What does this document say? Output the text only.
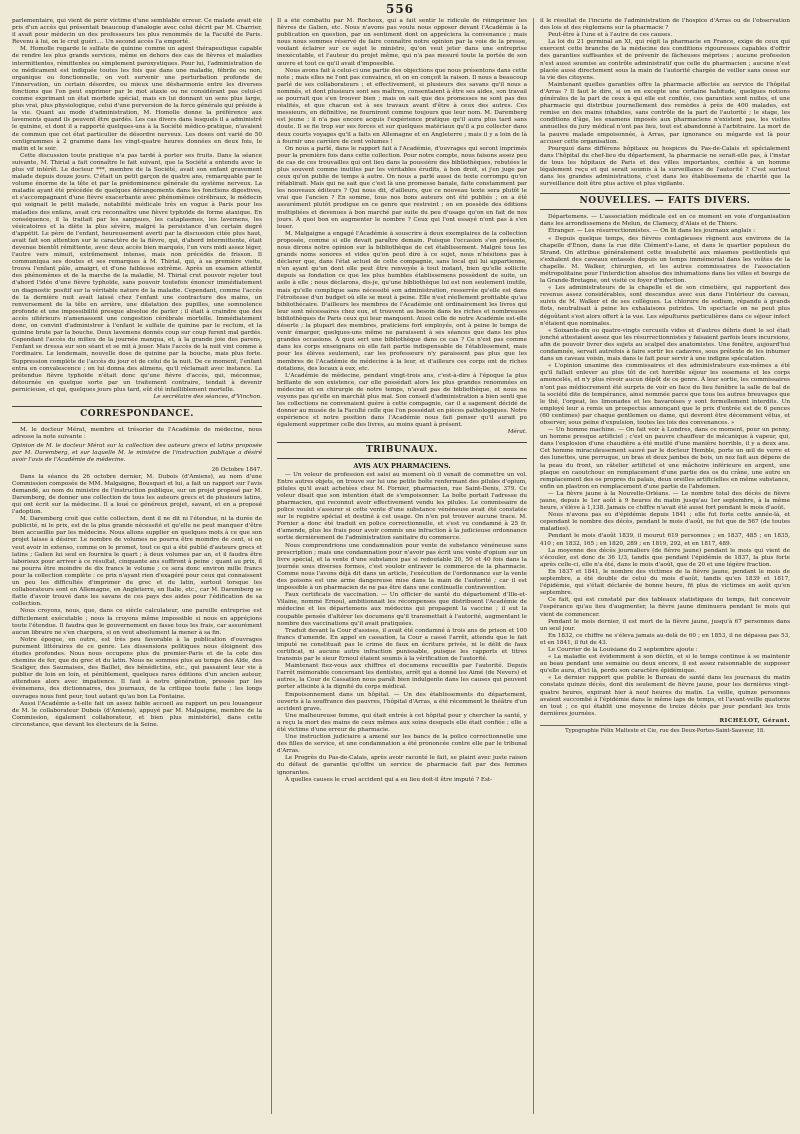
556

parlementaire, qui vient de périr victime d'une semblable erreur. Ce malade avait été pris d'un accès qui présentait beaucoup d'analogie avec celui décrit par M. Charrier, il avait pour médecin un des professeurs les plus renommés de la Faculté de Paris. Revenu à lui, on le crut guéri.... Un second accès l'a emporté.

M. Homolle regarde le sulfate de quinine comme un agent thérapeutique capable de rendre les plus grands services, même en dehors des cas de fièvres et maladies intermittentes, rémittentes ou simplement paroxystiques. Pour lui, l'administration de ce médicament est indiquée toutes les fois que dans une maladie, fébrile ou non, organique ou fonctionnelle, on voit survenir une perturbation profonde de l'innervation, un certain désordre, ou mieux une désharmonie entre les diverses fonctions que l'on peut exprimer par le mot ataxie ou ne considérant pas celui-ci comme exprimant un état morbide spécial, mais en lui donnant un sens plus large, plus vrai, plus physiologique, celui d'une perversion de la force générale qui préside à la vie. Quant au mode d'administration, M. Homolle donne la préférence aux lavements quand ils peuvent être gardés. Les cas divers dans lesquels il a administré le quinine, et dont il a rapporté quelques-uns à la Société médico-pratique, n'avaient de commun que cet état particulier de désordre nerveux. Les doses ont varié de 50 centigrammes à 2 gramme dans les vingt-quatre heures données en deux fois, le matin et le soir.

Cette discussion toute pratique n'a pas tardé à porter ses fruits. Dans la séance suivante, M. Thirial a fait connaître le fait suivant, que la Société a entendu avec le plus vif intérêt. Le docteur ***, membre de la Société, avait son enfant gravement malade depuis douze jours. C'était un petit garçon de quatre ans, remarquable par le volume énorme de la tête et par la prédominence générale du système nerveux. La maladie ayant été précédée de quelques dérangements dans les fonctions digestives, et s'accompagnant d'une fièvre exacerbante avec phénomènes cérébraux, le médecin qui soignait le petit malade, notabilité médicale très en vogue à Paris pour les maladies des enfans, avait cru reconnaître une fièvre typhoïde de forme ataxique. En conséquence, il la traitait par les sangsues, les cataplasmes, les lavemens, les vésicatoires et la diète la plus sévère, malgré la persistance d'un certain degré d'appétit. Le père de l'enfant, heureusement averti par la discussion citée plus haut, avait fait son attention sur le caractère de la fièvre, qui, d'abord intermittente, était devenue bientôt rémittente, avec deux accès bien marqués, l'un vers midi assez léger, l'autre vers minuit, extrêmement intense, mais non précédés de frisson. Il communiqua ses doutes et ses remarques à M. Thirial, qui, à sa première visite, trouva l'enfant pâle, amaigri, et d'une faiblesse extrême. Après un examen attentif des phénomènes et de la marche de la maladie, M. Thirial crut pouvoir rejeter tout d'abord l'idée d'une fièvre typhoïde, sans pouvoir toutefois énoncer immédiatement un diagnostic positif sur la véritable nature de la maladie. Cependant, comme l'accès de la dernière nuit avait laissé chez l'enfant une contracture des mains, un renversement de la tête en arrière, une dilatation des pupilles, une somnolence profonde et une impossibilité presque absolue de parler ; il était à craindre que des accès ultérieurs n'amenassent une congestion cérébrale mortelle. Immédiatement donc, on convint d'administrer à l'enfant le sulfate de quinine par le rectum, et la quinine brute par la bouche. Deux lavemens donnés coup sur coup furent mal gardés. Cependant l'accès du milieu de la journée manqua, et, à la grande joie des parens, l'enfant se dressa sur son séant et se mit à jouer. Mais l'accès de la nuit vint comme à l'ordinaire. Le lendemain, nouvelle dose de quinine par la bouche, mais plus forte. Suppression complète de l'accès du jour et de celui de la nuit. De ce moment, l'enfant entra en convalescence ; on lui donna des alimens, qu'il réclamait avec instance. La prétendue fièvre typhoïde n'était donc qu'une fièvre d'accès, qui, méconnue, détournée en quelque sorte par un traitement contraire, tendait à devenir pernicieuse, et qui, quelques jours plus tard, eût été infailliblement mortelle.

Le secrétaire des séances, d'Vinchon.

CORRESPONDANCE.

M. le docteur Mérat, membre et trésorier de l'Académie de médecine, nous adresse la note suivante :

Opinion de M. le docteur Mérat sur la collection des auteurs grecs et latins proposée par M. Daremberg, et sur laquelle M. le ministre de l'instruction publique a désiré avoir l'avis de l'Académie de médecine.

26 Octobre 1847.

Dans la séance du 26 octobre dernier, M. Dubois (d'Amiens), au nom d'une Commission composée de MM. Malgaigne, Bousquet et lui, a fait un rapport sur l'avis demandé, au nom du ministre de l'instruction publique, sur un projet proposé par M. Daremberg, de donner une collection de tous les auteurs grecs et de plusieurs latins, qui ont écrit sur la médecine. Il a loué ce généreux projet, savant, et en a proposé l'adoption.

M. Daremberg croit que cette collection, dont il ne dit ni l'étendue, ni la durée de publicité, ni le prix, est de la plus grande nécessité et qu'elle ne peut manquer d'être bien accueillie par les médecins. Nous allons supplier en quelques mots à ce que son projet laisse à désirer. Le nombre de volumes ne pourra être moindre de cent, si on veut avoir in extenso, comme on le promet, tout ce qui a été publié d'auteurs grecs et latins ; Galien lui seul en fournira le quart ; à deux volumes par an, et il faudra être laborieux pour arriver à ce résultat, cinquante ans suffiront à peine ; quant au prix, il ne pourra être moindre de dix francs le volume ; ce sera donc environ mille francs pour la collection complète : ce prix n'ayant rien d'exagéré pour ceux qui connaissent un peu les difficultés d'imprimer du grec et du latin, surtout lorsque les collaborateurs sont en Allemagne, en Angleterre, en Italie, etc., car M. Daremberg se flatte d'avoir trouvé dans les savans de ces pays des aides pour l'édification de sa collection.

Nous croyons, nous, que, dans ce siècle calculateur, une pareille entreprise est difficilement exécutable ; nous la croyons même impossible si nous en appréçions toute l'étendue. Il faudra que le gouvernement en fasse tous les frais, car assurément aucun libraire ne s'en chargera, si on veut absolument la mener à sa fin.

Notre époque, en outre, est très peu favorable à la publication d'ouvrages purement littéraires de ce genre. Les dissensions politiques nous éloignent des études profondes. Nous nous occupons plus du premier-Paris et de la cote des chemins de fer, que du grec et du latin. Nous ne sommes plus au temps des Alde, des Scaliger, des Saumaises, des Baillet, des bénédictins, etc., qui passaient leur vie à publier de loin en loin, et péniblement, quelques rares éditions d'un ancien auteur, attendues alors avec impatience. Il faut à notre génération, pressée par les évènemens, des dictionnaires, des journaux, de la critique toute faite ; les longs ouvrages nous font peur, tout autant qu'au bon La Fontaine.

Aussi l'Académie a-t-elle fait un assez faible accueil au rapport un peu louangeur de M. le collaborateur Dubois (d'Amiens), appuyé par M. Malgaigne, membre de la Commission, également collaborateur, et bien plus ministériel, dans cette circonstance, que devant les électeurs de la Seine.

Il a été combattu par M. Rochoux, qui a fait sentir le ridicule de réimprimer les fièvres de Galien, etc. Nous n'avons pas voulu nous opposer devant l'Académie à la publication en question, par un sentiment dont on appréciera la convenance ; mais nous nous sommes réservé de faire connaître notre opinion par la voie de la presse, voulant éclairer sur ce sujet le ministre, qu'on veut jeter dans une entreprise inexécutable, et l'auteur du projet même, qui n'a pas mesuré toute la portée de son œuvre et tout ce qu'il avait d'impossible.

Nous avons fait à celui-ci une partie des objections que nous présentons dans cette note ; mais elles ne l'ont pas convaincu, et on en conçoit la raison. Il nous a beaucoup parlé de ses collaborateurs ; et effectivement, si plusieurs des savans qu'il nous a nommés, et dont plusieurs sont ses maîtres, consentaient à être ses aides, son travail se pourrait que s'en trouver bien ; mais on sait que des promesses ne sont pas des réalités, et que chacun est à ses travaux avant d'être à ceux des autres. Ces messieurs, en définitive, ne fourniront comme toujours que leur nom. M. Daremberg est jeune ; il n'a pas encore acquis l'expérience pratique qu'il aura plus tard sans doute. Il se fie trop sur ses forces et sur quelques matériaux qu'il a pu collecter dans deux courts voyages qu'il a faits en Allemagne et en Angleterre ; mais il y a loin de là à fournir une carrière de cent volumes !

On nous a parlé, dans le rapport fait à l'Académie, d'ouvrages qui seront imprimés pour la première fois dans cette collection. Pour notre compte, nous faisons assez peu de cas de ces trouvailles qui ont lieu dans la poussière des bibliothèques, rebutées le plus souvent comme inutiles par les véritables érudits, à bon droit, si j'en juge par ceux qu'on publie de temps à autre. On nous a parlé aussi de texte corrompu qu'on rétablirait. Mais qui ne sait que c'est là une promesse banale, faite constamment par les nouveaux éditeurs ? Qui nous dit, d'ailleurs, que ce nouveau texte sera plutôt le vrai que l'ancien ? En somme, tous nos bons auteurs ont été publiés ; on a été assurément plutôt prodigue en ce genre que restreint ; on en possède des éditions multipliées et devenues à bon marché par suite du peu d'usage qu'on en fait de nos jours. À quoi bon en augmenter le nombre ? Ceux qui l'ont essayé n'ont pas à s'en louer.

M. Malgaigne a engagé l'Académie à souscrire à deux exemplaires de la collection proposée, comme si elle devait paraître demain. Puisque l'occasion s'en présente, nous dirons notre opinion sur la bibliothèque de cet établissement. Malgré tous les grands noms sonores et vides qu'on peut dire à ce sujet, nous n'hésitons pas à déclarer que, dans l'état actuel de cette compagnie, sans local qui lui appartienne, n'en ayant qu'un dont elle peut être renvoyée à tout instant, bien qu'elle sollicite depuis sa fondation ce que les plus humbles établissemens possèdent de suite, un asile à elle ; nous déclarons, dis-je, qu'une bibliothèque lui est non seulement inutile, mais qu'elle complique sans nécessité son administration, resserrée qu'elle est dans l'étroitesse d'un budget où elle se meut à peine. Elle n'est réellement profitable qu'au bibliothécaire. D'ailleurs les membres de l'Académie ont ordinairement les livres qui leur sont nécessaires chez eux, et trouvent au besoin dans les riches et nombreuses bibliothèques de Paris ceux qui leur manquent. Aussi celle de notre Académie est-elle déserte ; la plupart des membres, praticiens fort employés, ont à peine le temps de venir émarger, quelques-uns même ne paraissent à ses séances que dans les plus grandes occasions. À quoi sert une bibliothèque dans ce cas ? Ce n'est pas comme dans les corps enseignans où elle fait partie indispensable de l'établissement, mais pour les élèves seulement, car les professeurs n'y paraissent pas plus que les membres de l'Académie de médecine à la leur, et d'ailleurs ces corps ont de riches dotations, des locaux à eux, etc.

L'Académie de médecine, pendant vingt-trois ans, c'est-à-dire à l'époque la plus brillante de son existence, car elle possédait alors les plus grandes renommées en médecine et en chirurgie de notre temps, n'avait pas de bibliothèque, et nous ne voyons pas qu'elle en marchât plus mal. Son conseil d'administration a bien senti que les collections ne convenaient guère à cette compagnie, car il a sagement décidé de donner au musée de la Faculté celle que l'on possédait en pièces pathologiques. Notre expérience et notre position dans l'Académie nous fait penser qu'il aurait pu également supprimer celle des livres, au moins quant à présent.

Mérat.

TRIBUNAUX.
AVIS AUX PHARMACIENS.

— Un voleur de profession est saisi au moment où il venait de commettre un vol. Entre autres objets, on trouve sur lui une petite boîte renfermant des pilules d'opium, pilules qu'il avait achetées chez M. Fornier, pharmacien, rue Saint-Denis, 379. Ce voleur disait que son intention était de s'empoisonner. La boîte portait l'adresse du pharmacien, qui reconnut avoir effectivement vendu les pilules. Le commissaire de police voulut s'assurer si cette vente d'une substance vénéneuse avait été constatée sur le registre spécial et destiné à cet usage. On n'en put trouver aucune trace. M. Fornier a donc été traduit en police correctionnelle, et s'est vu condamné à 25 fr. d'amende, plus les frais pour avoir commis une infraction à la judicieuse ordonnance sortie dernièrement de l'administration sanitaire du commerce.

Nous comprendrions une condamnation pour vente de substance vénéneuse sans prescription ; mais une condamnation pour n'avoir pas écrit une vente d'opium sur un livre spécial, et la vente d'une substance pas si redoutable 20, 50 et 40 fois dans la journée sous diverses formes, c'est vouloir entraver le commerce de la pharmacie. Comme nous l'avons déjà dit dans un article, l'exécution de l'ordonnance sur la vente des poisons est une arme dangereuse mise dans la main de l'autorité ; car il est impossible à un pharmacien de ne pas être dans une continuelle contravention.

Faux certificats de vaccination. — Un officier de santé du département d'Ille-et-Vilaine, nommé Ernoul, ambitionnait les récompenses que distribuent l'Académie de médecine et les départemens aux médecins qui propagent la vaccine ; il eut la coupable pensée d'altérer les documens qu'il transmettait à l'autorité, augmentant le nombre des vaccinations qu'il avait pratiquées.

Traduit devant la Cour d'assises, il avait été condamné à trois ans de prison et 100 francs d'amende. En appel en cassation, la Cour a cassé l'arrêt, attendu que le fait imputé ne constituait pas le crime de faux en écriture privée, ni le délit de faux certificat, ni aucune autre infraction punissable, puisque les rapports et titres transmis par le sieur Ernoul étaient soumis à la vérification de l'autorité.

Maintenant fiez-vous aux chiffres et documens recueillis par l'autorité. Depuis l'arrêt mémorable concernant les dentistes, arrêt qui a donné les Aimé (de Nevers) et autres, la Cour de Cassation nous paraît bien indulgente dans les causes qui peuvent porter atteinte à la dignité du corps médical.

Empoisonnement dans un hôpital. — Un des établissements du département, ouverts à la souffrance des pauvres, l'hôpital d'Arras, a été récemment le théâtre d'un accident grave.

Une malheureuse femme, qui était entrée à cet hôpital pour y chercher la santé, y a reçu la mort des mains de ceux mêmes aux soins desquels elle était confiée ; elle a été victime d'une erreur de pharmacie.

Une instruction judiciaire a amené sur les bancs de la police correctionnelle une des filles de service, et une condamnation a été prononcée contre elle par le tribunal d'Arras.

Le Progrès du Pas-de-Calais, après avoir raconté le fait, se plaint avec juste raison du défaut de garantie qu'offre un service de pharmacie fait par des femmes ignorantes.

À quelles causes le cruel accident qui a eu lieu doit-il être imputé ? Est-

il le résultat de l'incurie de l'administration de l'hospice d'Arras ou de l'observation des lois et des règlemens sur la pharmacie ?

Peut-être à l'une et à l'autre de ces causes.

La loi du 21 germinal an XI, qui régit la pharmacie en France, exige de ceux qui exercent cette branche de la médecine des conditions rigoureuses capables d'offrir des garanties suffisantes et de prévenir de fâcheuses méprises ; aucune profession n'est aussi soumise au contrôle administratif que celle du pharmacien ; aucune n'est placée aussi directement sous la main de l'autorité chargée de veiller sans cesse sur la vie des citoyens.

Maintenant quelles garanties offre la pharmacie affectée au service de l'hôpital d'Arras ? Il faut le dire, si on en excepte une certaine habitude, quelques notions générales de la part de ceux à qui elle est confiée, ces garanties sont nulles, et une pharmacie qui distribue journellement des remèdes à près de 400 malades, est remise en des mains inhabiles, sans contrôle de la part de l'autorité ; le stage, les conditions d'âge, les examens imposés aux pharmaciens n'existent pas, les visites annuelles du jury médical n'ont pas lieu, tout est abandonné à l'arbitraire. La mort de la pauvre malade empoisonnée, à Arras, par ignorance ou mégarde est là pour accuser cette organisation.

Pourquoi dans différens hôpitaux ou hospices du Pas-de-Calais et spécialement dans l'hôpital du chef-lieu du département, la pharmacie ne serait-elle pas, à l'instar de tous les hôpitaux de Paris et des villes importantes, confiée à un homme légalement reçu et qui serait soumis à la surveillance de l'autorité ? C'est surtout dans les grandes administrations, c'est dans les établissemens de charité que la surveillance doit être plus active et plus vigilante.

NOUVELLES. — FAITS DIVERS.

Départemens. — L'association médicale est en ce moment en voie d'organisation dans les arrondissemens de Melun, de Clamecy, d'Alais et de Thiers.

Étranger. — Les résurrectionnistes. — On lit dans les journaux anglais :

« Depuis quelque temps, des fièvres contagieuses règnent aux environs de la chapelle d'Enon, dans la rue dite Clément's-Lane, et dans le quartier populeux du Strand. On attribue généralement cette insalubrité aux miasmes pestilentiels qui s'exhalent des caveaux entassés depuis un temps immémorial dans les voûtes de la chapelle. M. Walker, chirurgien, et les autres commissaires de l'association métropolitaine pour l'interdiction absolue des inhumations dans les villes et bourgs de la Grande-Bretagne, ont visité ce foyer d'infection.

« Les administrateurs de la chapelle et de son cimetière, qui rapportent des revenus assez considérables, sont descendus avec eux dans l'intérieur du caveau, suivis de M. Walker et de ses collègues. La chlorure de sodium, répandu à grands flots, neutralisait à peine les exhalaisons putrides. Un spectacle on ne peut plus dégoûtant s'est alors offert à la vue. Les sépultures particulières dans ce séjour infect n'étaient que nominales.

« Soixante-dix ou quatre-vingts cercueils vides et d'autres débris dont le sol était jonché attestaient assez que les résurrectionnistes y faisaient parfois leurs incursions, afin de pouvoir livrer des sujets au scalpel des anatomistes. Une fenêtre, aujourd'hui condamnée, servait autrefois à faire sortir les cadavres, sous prétexte de les inhumer dans un caveau voisin, mais dans le fait pour servir à une indigne spéculation.

« L'opinion unanime des commissaires et des administrateurs eux-mêmes a été qu'il fallait enlever au plus tôt de cet horrible séjour les ossemens et les corps amoncelés, et n'y plus révoir aucun dépôt de ce genre. À leur sortie, les commissaires n'ont pas médiocrement été surpris de voir en face du lieu funèbre la salle de bal de la société dite de tempérance, ainsi nommée parce que tous les autres breuvages que le thé, l'orgeat, les limonades et les bavaroises y sont formellement interdits. Un employé leur a remis un prospectus annonçant que le prix d'entrée est de 6 pences (60 centimes) par chaque gentlemen ou dame, qui devront être décemment vêtus, et observer, sous peine d'expulsion, toutes les lois des convenances. »

— Un homme machine. — On fait voir à Londres, dans ce moment, pour un penny, un homme presque artificiel ; c'est un pauvre chauffeur de mécanique à vapeur, qui, dans l'explosion d'une chaudière a été mutilé d'une manière horrible, il y a deux ans. Cet homme miraculeusement sauvé par le docteur Hemble, porte un œil de verre et des lunettes, une perruque, un bras et deux jambes de bois, un nez fait aux dépens de la peau du front, un râtelier artificiel et une mâchoire inférieure en argent, une plaque en caoutchouc en remplacement d'une partie des os du crâne, une autre en remplacement des os propres du palais, deux oreilles artificielles en même substance, enfin un plastron en remplacement d'une partie de l'abdomen.

— La fièvre jaune à la Nouvelle-Orléans. — Le nombre total des décès de fièvre jaune, depuis le 1er août à 9 heures du matin jusqu'au 1er septembre, à la même heure, s'élève à 1,138. Jamais ce chiffre n'avait été aussi fort pendant le mois d'août.

Nous n'avons pas eu d'épidémie depuis 1841 ; elle fut forte cette année-là, et cependant le nombre des décès, pendant le mois d'août, ne fut que de 567 (de toutes maladies).

Pendant le mois d'août 1839, il mourut 619 personnes ; en 1837, 485 ; en 1835, 410 ; en 1832, 165 ; en 1820, 289 ; en 1819, 292, et en 1817, 489.

La moyenne des décès journaliers (de fièvre jaune) pendant le mois qui vient de s'écouler, est donc de 36 1/3, tandis que pendant l'épidémie de 1837, la plus forte après celle-ci, elle n'a été, dans le mois d'août, que de 20 et une légère fraction.

En 1837 et 1841, le nombre des victimes de la fièvre jaune, pendant le mois de septembre, a été double de celui du mois d'août, tandis qu'en 1839 et 1817, l'épidémie, qui s'était déclarée de bonne heure, fit plus de victimes en août qu'en septembre.

Ce fait, qui est constaté par des tableaux statistiques du temps, fait concevoir l'espérance qu'au lieu d'augmenter, la fièvre jaune diminuera pendant le mois qui vient de commencer.

Pendant le mois dernier, il est mort de la fièvre jaune, jusqu'à 67 personnes dans un seul jour.

En 1832, ce chiffre ne s'éleva jamais au-delà de 60 ; en 1853, il ne dépassa pas 53, et en 1841, il fut de 43.

Le Courrier de la Louisiane du 2 septembre ajoute :

« La maladie est évidemment à son déclin, et si le temps continue à se maintenir au beau pendant une semaine ou deux encore, il est assez raisonnable de supposer qu'elle aura, d'ici là, perdu son caractère épidémique.

« Le dernier rapport que publie le Bureau de santé dans les journaux du matin constate quinze décès, dont dix seulement de fièvre jaune, pour les dernières vingt-quatre heures, expirant hier à neuf heures du matin. La veille, quinze personnes avaient succombé à l'épidémie dans le même laps de temps, et l'avant-veille quatorze en tout ; ce qui établit une moyenne de treize décès par jour pendant les trois dernières journées.

RICHELOT, Gérant.

Typographie Félix Malteste et Cie, rue des Deux-Portes-Saint-Sauveur, 18.
